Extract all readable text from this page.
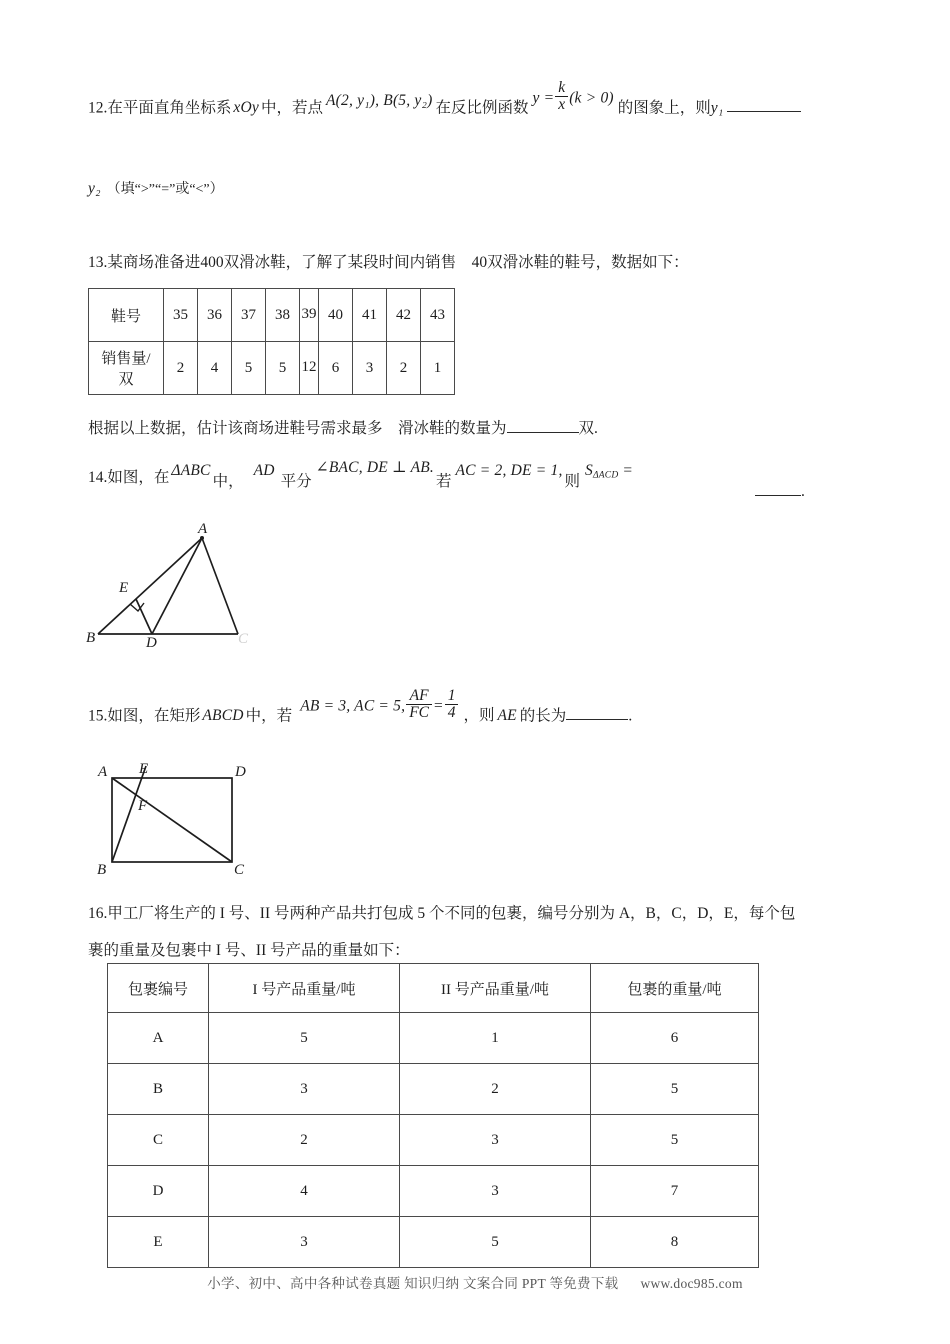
12.在平面直角坐标系 xOy 中，若点 A(2, y₁), B(5, y₂) 在反比例函数$y = \frac{k}{x} (k > 0)$的图象上，则y₁
y₂ （填“>”“=”或“<”）
13.某商场准备进400双滑冰鞋，了解了某段时间内销售　40双滑冰鞋的鞋号，数据如下：
鞋号	35	36	37	38	39	40	41	42	43
销售量/双	2	4	5	5	12	6	3	2	1
根据以上数据，估计该商场进鞋号需求最多　滑冰鞋的数量为	双.
14.如图，在 ΔABC中，AD平分∠BAC, DE ⊥ AB.若AC = 2, DE = 1,则SΔACD =
.
A
E
B	D	C
15.如图，在矩形 ABCD 中，若AB = 3, AC = 5, $\frac{AF}{FC} = \frac{1}{4}$ ，则 AE 的长为	.
A E	D
F
B	C
16.甲工厂将生产的 I 号、II 号两种产品共打包成 5 个不同的包裹，编号分别为 A，B，C，D，E，每个包
裹的重量及包裹中 I 号、II 号产品的重量如下：
包裹编号	I 号产品重量/吨	II 号产品重量/吨	包裹的重量/吨
A	5	1	6
B	3	2	5
C	2	3	5
D	4	3	7
E	3	5	8
小学、初中、高中各种试卷真题 知识归纳 文案合同 PPT 等免费下载 www.doc985.com
